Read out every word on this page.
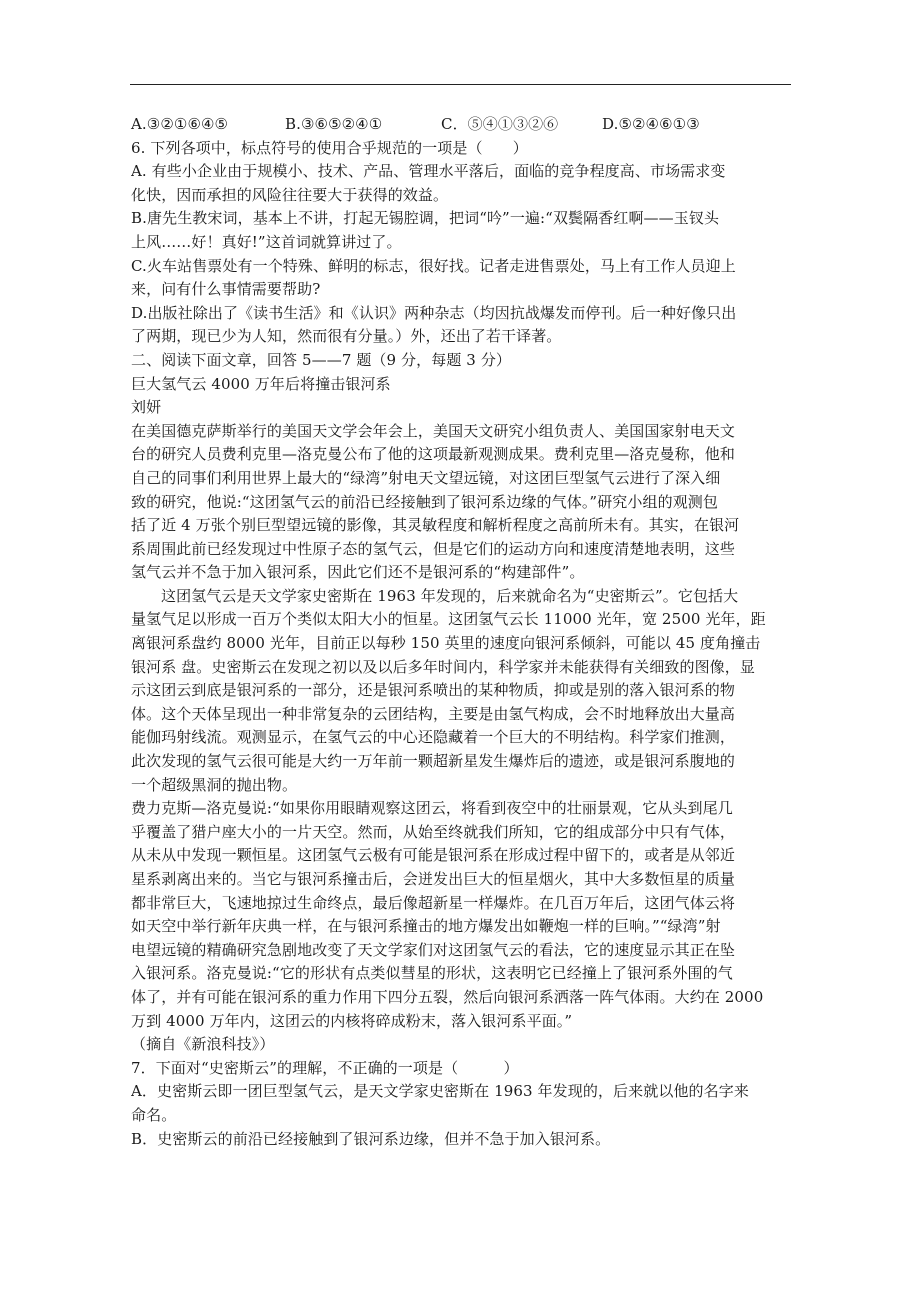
A.③②①⑥④⑤	B.③⑥⑤②④①	C．⑤④①③②⑥	D.⑤②④⑥①③
6. 下列各项中，标点符号的使用合乎规范的一项是（　　）
A. 有些小企业由于规模小、技术、产品、管理水平落后，面临的竞争程度高、市场需求变
化快，因而承担的风险往往要大于获得的效益。
B.唐先生教宋词，基本上不讲，打起无锡腔调，把词“吟”一遍:“双鬓隔香红啊——玉钗头
上风……好！真好!”这首词就算讲过了。
C.火车站售票处有一个特殊、鲜明的标志，很好找。记者走进售票处，马上有工作人员迎上
来，问有什么事情需要帮助?
D.出版社除出了《读书生活》和《认识》两种杂志（均因抗战爆发而停刊。后一种好像只出
了两期，现已少为人知，然而很有分量。）外，还出了若干译著。
二、阅读下面文章，回答 5——7 题（9 分，每题 3 分）
巨大氢气云 4000 万年后将撞击银河系
刘妍
在美国德克萨斯举行的美国天文学会年会上，美国天文研究小组负责人、美国国家射电天文
台的研究人员费利克里—洛克曼公布了他的这项最新观测成果。费利克里—洛克曼称，他和
自己的同事们利用世界上最大的“绿湾”射电天文望远镜，对这团巨型氢气云进行了深入细
致的研究，他说:“这团氢气云的前沿已经接触到了银河系边缘的气体。”研究小组的观测包
括了近 4 万张个别巨型望远镜的影像，其灵敏程度和解析程度之高前所未有。其实，在银河
系周围此前已经发现过中性原子态的氢气云，但是它们的运动方向和速度清楚地表明，这些
氢气云并不急于加入银河系，因此它们还不是银河系的“构建部件”。
这团氢气云是天文学家史密斯在 1963 年发现的，后来就命名为“史密斯云”。它包括大
量氢气足以形成一百万个类似太阳大小的恒星。这团氢气云长 11000 光年，宽 2500 光年，距
离银河系盘约 8000 光年，目前正以每秒 150 英里的速度向银河系倾斜，可能以 45 度角撞击
银河系 盘。史密斯云在发现之初以及以后多年时间内，科学家并未能获得有关细致的图像，显
示这团云到底是银河系的一部分，还是银河系喷出的某种物质，抑或是别的落入银河系的物
体。这个天体呈现出一种非常复杂的云团结构，主要是由氢气构成，会不时地释放出大量高
能伽玛射线流。观测显示，在氢气云的中心还隐藏着一个巨大的不明结构。科学家们推测，
此次发现的氢气云很可能是大约一万年前一颗超新星发生爆炸后的遗迹，或是银河系腹地的
一个超级黑洞的抛出物。
费力克斯—洛克曼说:“如果你用眼睛观察这团云，将看到夜空中的壮丽景观，它从头到尾几
乎覆盖了猎户座大小的一片天空。然而，从始至终就我们所知，它的组成部分中只有气体，
从未从中发现一颗恒星。这团氢气云极有可能是银河系在形成过程中留下的，或者是从邻近
星系剥离出来的。当它与银河系撞击后，会迸发出巨大的恒星烟火，其中大多数恒星的质量
都非常巨大，飞速地掠过生命终点，最后像超新星一样爆炸。在几百万年后，这团气体云将
如天空中举行新年庆典一样，在与银河系撞击的地方爆发出如鞭炮一样的巨响。”“绿湾”射
电望远镜的精确研究急剧地改变了天文学家们对这团氢气云的看法，它的速度显示其正在坠
入银河系。洛克曼说:“它的形状有点类似彗星的形状，这表明它已经撞上了银河系外围的气
体了，并有可能在银河系的重力作用下四分五裂，然后向银河系洒落一阵气体雨。大约在 2000
万到 4000 万年内，这团云的内核将碎成粉末，落入银河系平面。”
（摘自《新浪科技》）
7．下面对“史密斯云”的理解，不正确的一项是（　　　）
A．史密斯云即一团巨型氢气云，是天文学家史密斯在 1963 年发现的，后来就以他的名字来
命名。
B．史密斯云的前沿已经接触到了银河系边缘，但并不急于加入银河系。
